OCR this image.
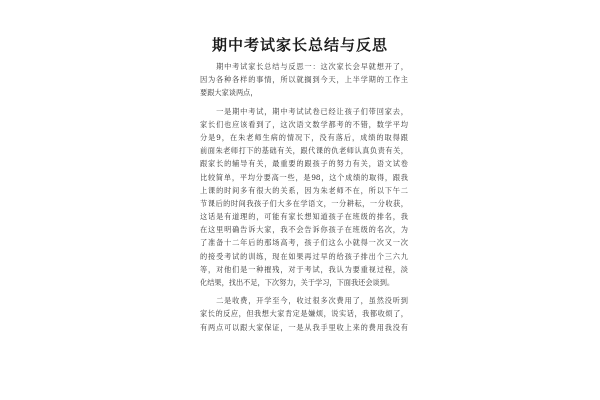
期中考试家长总结与反思
　　期中考试家长总结与反思一：这次家长会早就想开了，
因为各种各样的事情，所以就搁到今天，上半学期的工作主
要跟大家谈两点，
　　一是期中考试，期中考试试卷已经让孩子们带回家去，
家长们也应该看到了，这次语文数学都考的不错，数学平均
分是9，在朱老师生病的情况下，没有落后，成绩的取得跟
前面朱老师打下的基础有关，跟代课的仇老师认真负责有关，
跟家长的辅导有关，最重要的跟孩子的努力有关，语文试卷
比较简单，平均分要高一些，是98，这个成绩的取得，跟我
上课的时间多有很大的关系，因为朱老师不在，所以下午二
节课后的时间我孩子们大多在学语文，一分耕耘，一分收获，
这话是有道理的，可能有家长想知道孩子在班级的排名，我
在这里明确告诉大家，我不会告诉你孩子在班级的名次，为
了准备十二年后的那场高考，孩子们这么小就得一次又一次
的接受考试的训练，现在如果再过早的给孩子排出个三六九
等，对他们是一种摧残，对于考试，我认为要重视过程，淡
化结果，找出不足，下次努力，关于学习，下面我还会谈到。
　　二是收费，开学至今，收过很多次费用了，虽然没听到
家长的反应，但我想大家肯定是嫌烦，说实话，我都收烦了，
有两点可以跟大家保证，一是从我手里收上来的费用我没有
